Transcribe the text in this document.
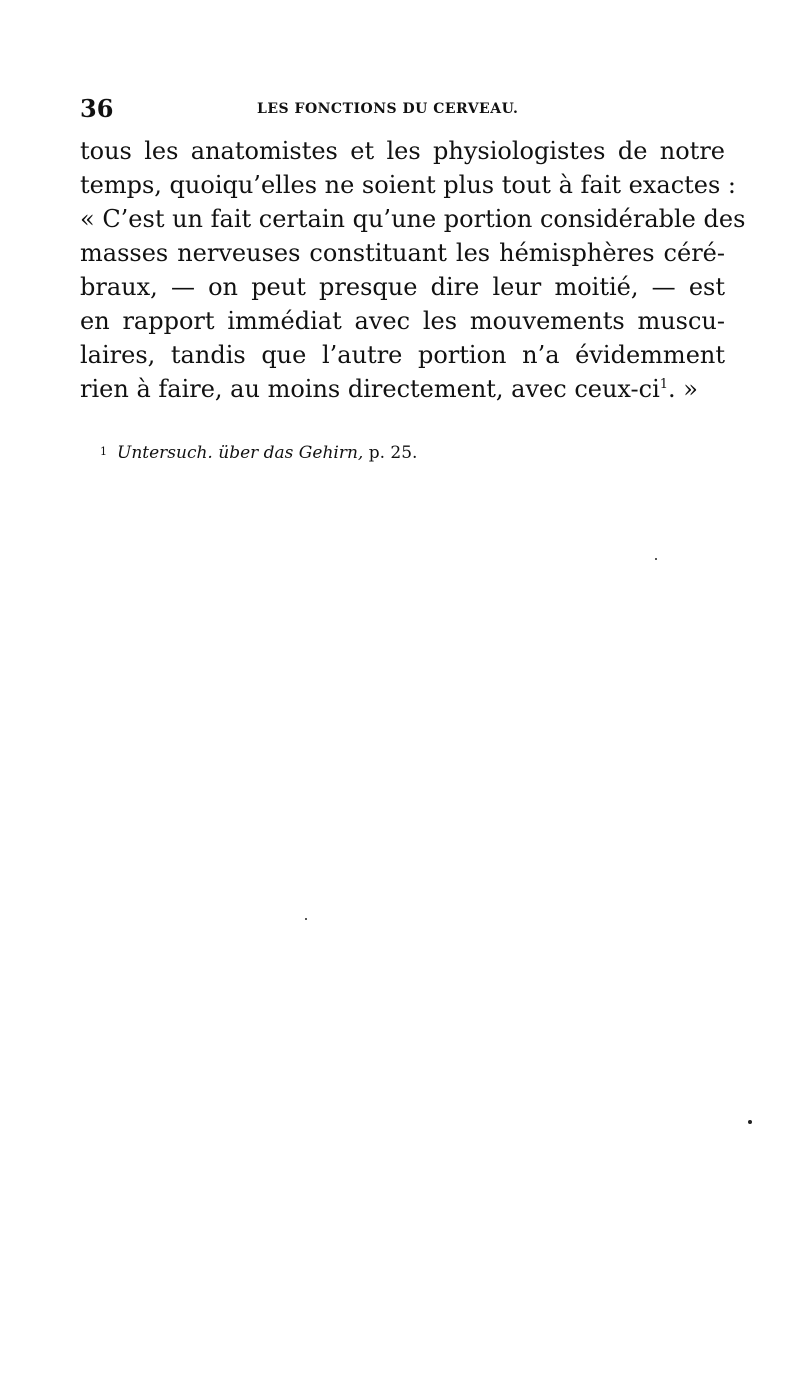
36	LES FONCTIONS DU CERVEAU.
tous les anatomistes et les physiologistes de notre
temps, quoiqu’elles ne soient plus tout à fait exactes :
« C’est un fait certain qu’une portion considérable des
masses nerveuses constituant les hémisphères céré-
braux, — on peut presque dire leur moitié, — est
en rapport immédiat avec les mouvements muscu-
laires, tandis que l’autre portion n’a évidemment
rien à faire, au moins directement, avec ceux-$ci^1$. »
1 Untersuch. über das Gehirn, p. 25.
